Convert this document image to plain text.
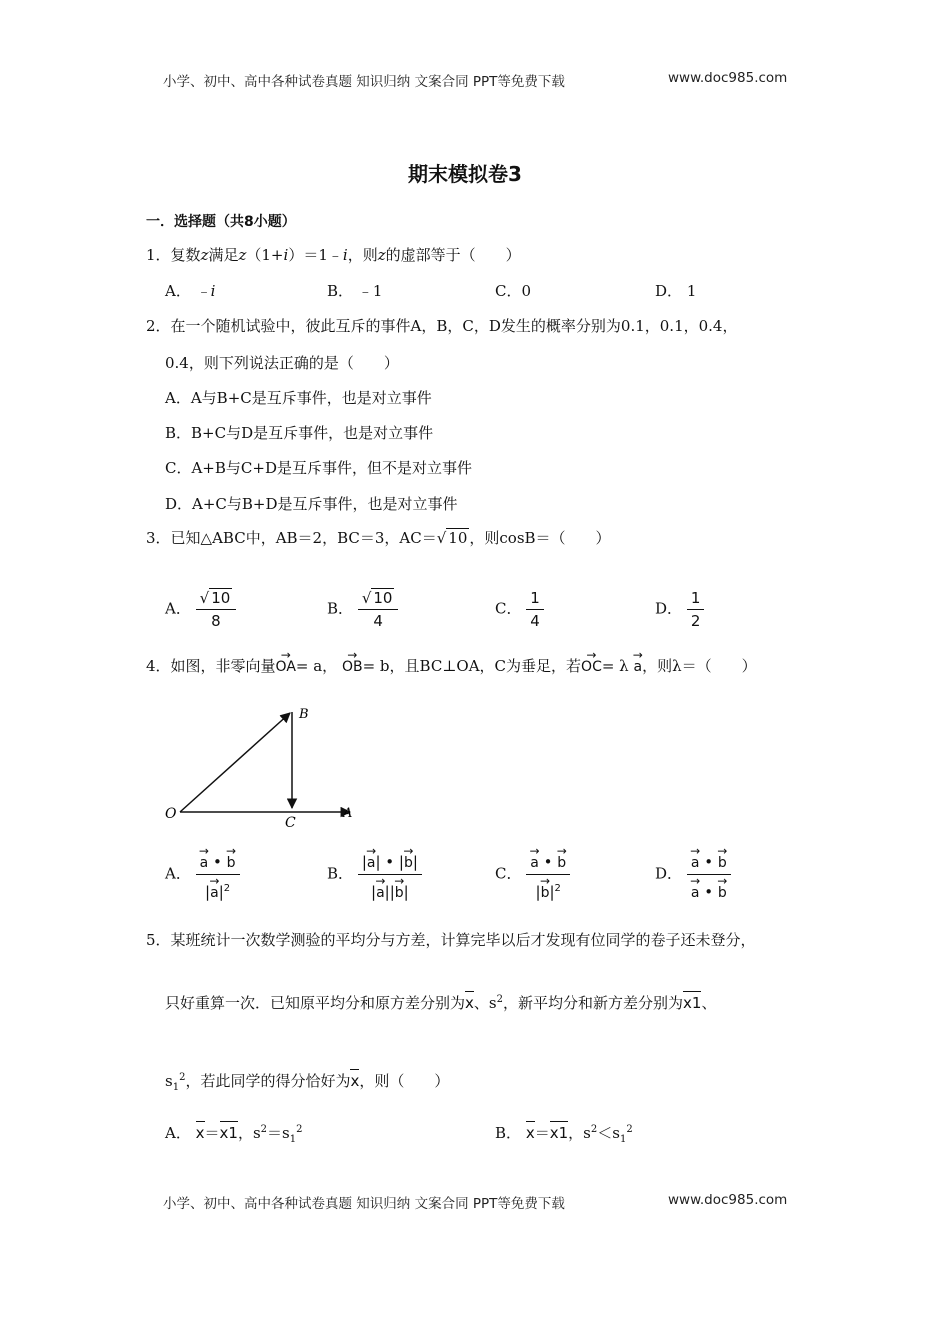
小学、初中、高中各种试卷真题 知识归纳 文案合同 PPT等免费下载	www.doc985.com
期末模拟卷3
一．选择题（共8小题）
1．复数z满足z（1+i）＝1﹣i，则z的虚部等于（　　）
A． ﹣i	B． ﹣1	C．0	D． 1
2．在一个随机试验中，彼此互斥的事件A，B，C，D发生的概率分别为0.1，0.1，0.4，
0.4，则下列说法正确的是（　　）
A．A与B+C是互斥事件，也是对立事件
B．B+C与D是互斥事件，也是对立事件
C．A+B与C+D是互斥事件，但不是对立事件
D．A+C与B+D是互斥事件，也是对立事件
3．已知△ABC中，AB＝2，BC＝3，AC＝√ 10 ，则cosB＝（　　）
A． $\frac{√ 10}{8}$	B． $\frac{√ 10}{4}$	C． $\frac{1}{4}$	D． $\frac{1}{2}$
4．如图，非零向量→ OA= a， → OB= b，且BC⊥OA，C为垂足，若→ OC= λ → a，则λ＝（　　）
O	A
B
C
A． → $\frac{a • \to b}{|\to a|^2}$	B． $\frac{|\to a| • |\to b|}{|\to a||\to b|}$	C． → $\frac{a • \to b}{|\to b|^2}$	D． → a • → b
→ a • → b
5．某班统计一次数学测验的平均分与方差，计算完毕以后才发现有位同学的卷子还未登分，
只好重算一次．已知原平均分和原方差分别为x、$s^2$，新平均分和新方差分别为x1、
$s_1^2$，若此同学的得分恰好为x，则（　　）
A． x＝x1，$s^2=s_1^2$	B． x＝x1，$s^2<s_1^2$
小学、初中、高中各种试卷真题 知识归纳 文案合同 PPT等免费下载	www.doc985.com
